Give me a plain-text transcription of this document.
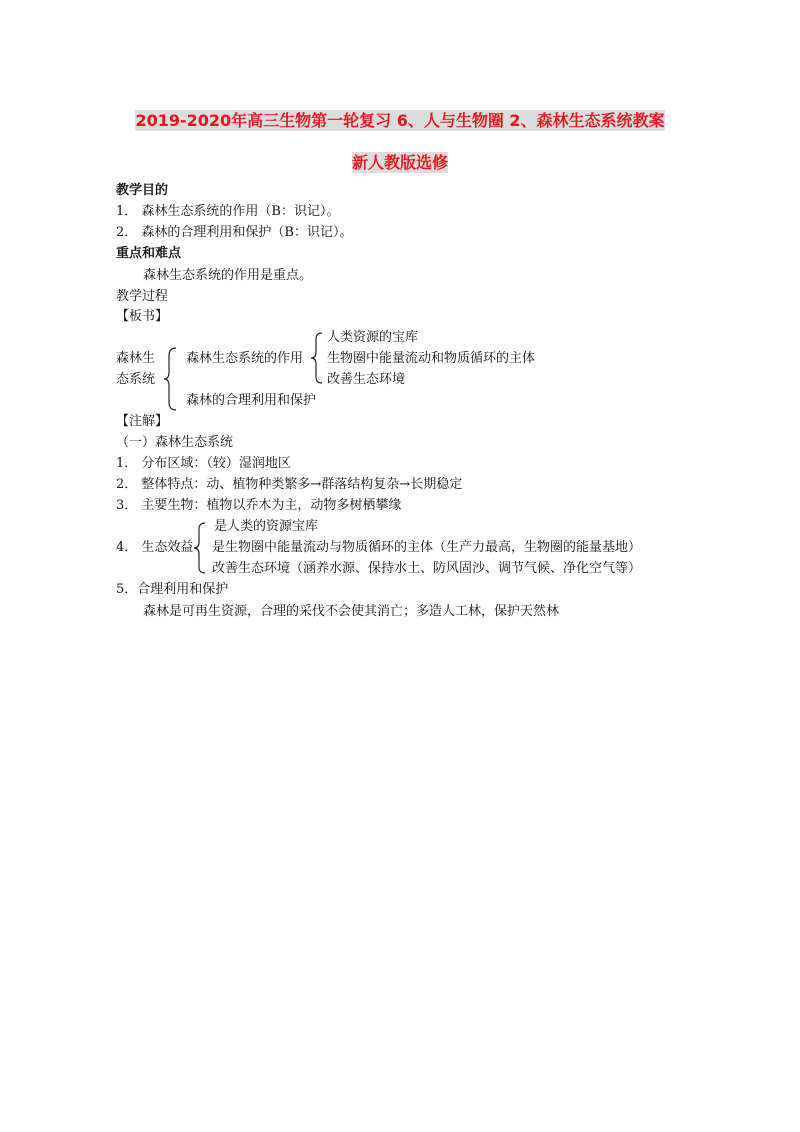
2019-2020年高三生物第一轮复习 6、人与生物圈 2、森林生态系统教案
新人教版选修
教学目的
1． 森林生态系统的作用（B：识记）。
2． 森林的合理利用和保护（B：识记）。
重点和难点
森林生态系统的作用是重点。
教学过程
【板书】
森林生
态系统
森林生态系统的作用
人类资源的宝库
生物圈中能量流动和物质循环的主体
改善生态环境
森林的合理利用和保护
【注解】
（一）森林生态系统
1． 分布区域：（较）湿润地区
2． 整体特点：动、植物种类繁多→群落结构复杂→长期稳定
3． 主要生物：植物以乔木为主，动物多树栖攀缘
4． 生态效益
是人类的资源宝库
是生物圈中能量流动与物质循环的主体（生产力最高，生物圈的能量基地）
改善生态环境（涵养水源、保持水土、防风固沙、调节气候、净化空气等）
5．合理利用和保护
森林是可再生资源，合理的采伐不会使其消亡；多造人工林，保护天然林
